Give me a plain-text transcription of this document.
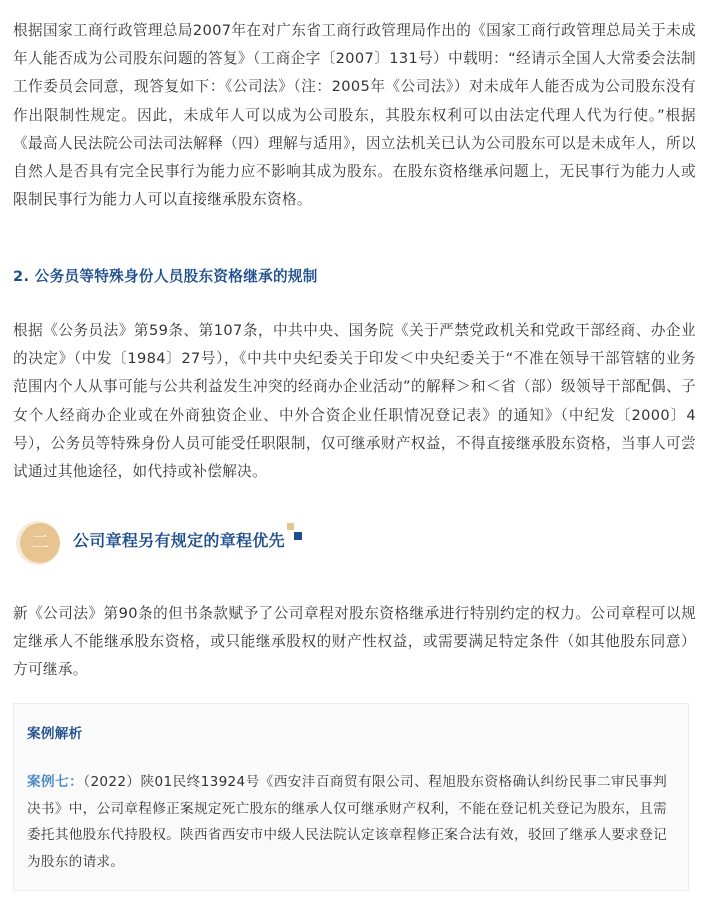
根据国家工商行政管理总局2007年在对广东省工商行政管理局作出的《国家工商行政管理总局关于未成年人能否成为公司股东问题的答复》（工商企字〔2007〕131号）中载明：“经请示全国人大常委会法制工作委员会同意，现答复如下：《公司法》（注：2005年《公司法》）对未成年人能否成为公司股东没有作出限制性规定。因此，未成年人可以成为公司股东，其股东权利可以由法定代理人代为行使。”根据《最高人民法院公司法司法解释（四）理解与适用》，因立法机关已认为公司股东可以是未成年人，所以自然人是否具有完全民事行为能力应不影响其成为股东。在股东资格继承问题上，无民事行为能力人或限制民事行为能力人可以直接继承股东资格。

2. 公务员等特殊身份人员股东资格继承的规制

根据《公务员法》第59条、第107条，中共中央、国务院《关于严禁党政机关和党政干部经商、办企业的决定》（中发〔1984〕27号），《中共中央纪委关于印发＜中央纪委关于“不准在领导干部管辖的业务范围内个人从事可能与公共利益发生冲突的经商办企业活动”的解释＞和＜省（部）级领导干部配偶、子女个人经商办企业或在外商独资企业、中外合资企业任职情况登记表》的通知》（中纪发〔2000〕4号），公务员等特殊身份人员可能受任职限制，仅可继承财产权益，不得直接继承股东资格，当事人可尝试通过其他途径，如代持或补偿解决。

二	公司章程另有规定的章程优先

新《公司法》第90条的但书条款赋予了公司章程对股东资格继承进行特别约定的权力。公司章程可以规定继承人不能继承股东资格，或只能继承股权的财产性权益，或需要满足特定条件（如其他股东同意）方可继承。

案例解析

案例七：（2022）陕01民终13924号《西安沣百商贸有限公司、程旭股东资格确认纠纷民事二审民事判决书》中，公司章程修正案规定死亡股东的继承人仅可继承财产权利，不能在登记机关登记为股东，且需委托其他股东代持股权。陕西省西安市中级人民法院认定该章程修正案合法有效，驳回了继承人要求登记为股东的请求。
